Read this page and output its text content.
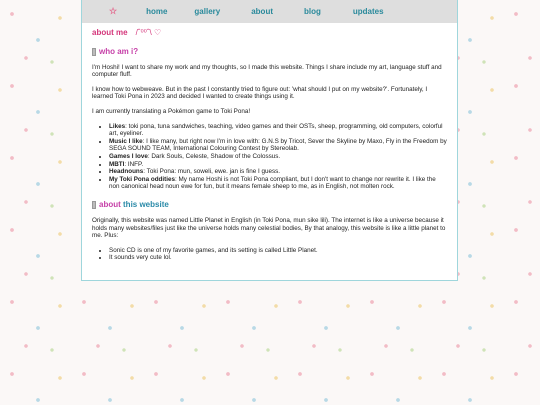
☆	home	gallery	about	blog	updates
about me /ˆ⁰⁰ˆ\ ♡
who am i?

I'm Hoshi! I want to share my work and my thoughts, so I made this website. Things I share include my art, language stuff and computer fluff.

I know how to webweave. But in the past I constantly tried to figure out: 'what should I put on my website?'. Fortunately, I learned Toki Pona in 2023 and decided I wanted to create things using it.

I am currently translating a Pokémon game to Toki Pona!

• Likes: toki pona, tuna sandwiches, teaching, video games and their OSTs, sheep, programming, old computers, colorful art, eyeliner.
• Music I like: I like many, but right now I'm in love with: G.N.S by Tricot, Sever the Skyline by Maxo, Fly in the Freedom by SEGA SOUND TEAM, International Colouring Contest by Stereolab.
• Games I love: Dark Souls, Celeste, Shadow of the Colossus.
• MBTI: INFP.
• Headnouns: Toki Pona: mun, soweli, ewe. jan is fine I guess.
• My Toki Pona oddities: My name Hoshi is not Toki Pona compliant, but I don't want to change nor rewrite it. I like the non canonical head noun ewe for fun, but it means female sheep to me, as in English, not molten rock.
about
this website

Originally, this website was named Little Planet in English (in Toki Pona, mun sike lili). The internet is like a universe because it holds many websites/files just like the universe holds many celestial bodies, By that analogy, this website is like a little planet to me. Plus:

• Sonic CD is one of my favorite games, and its setting is called Little Planet.
• It sounds very cute lol.
